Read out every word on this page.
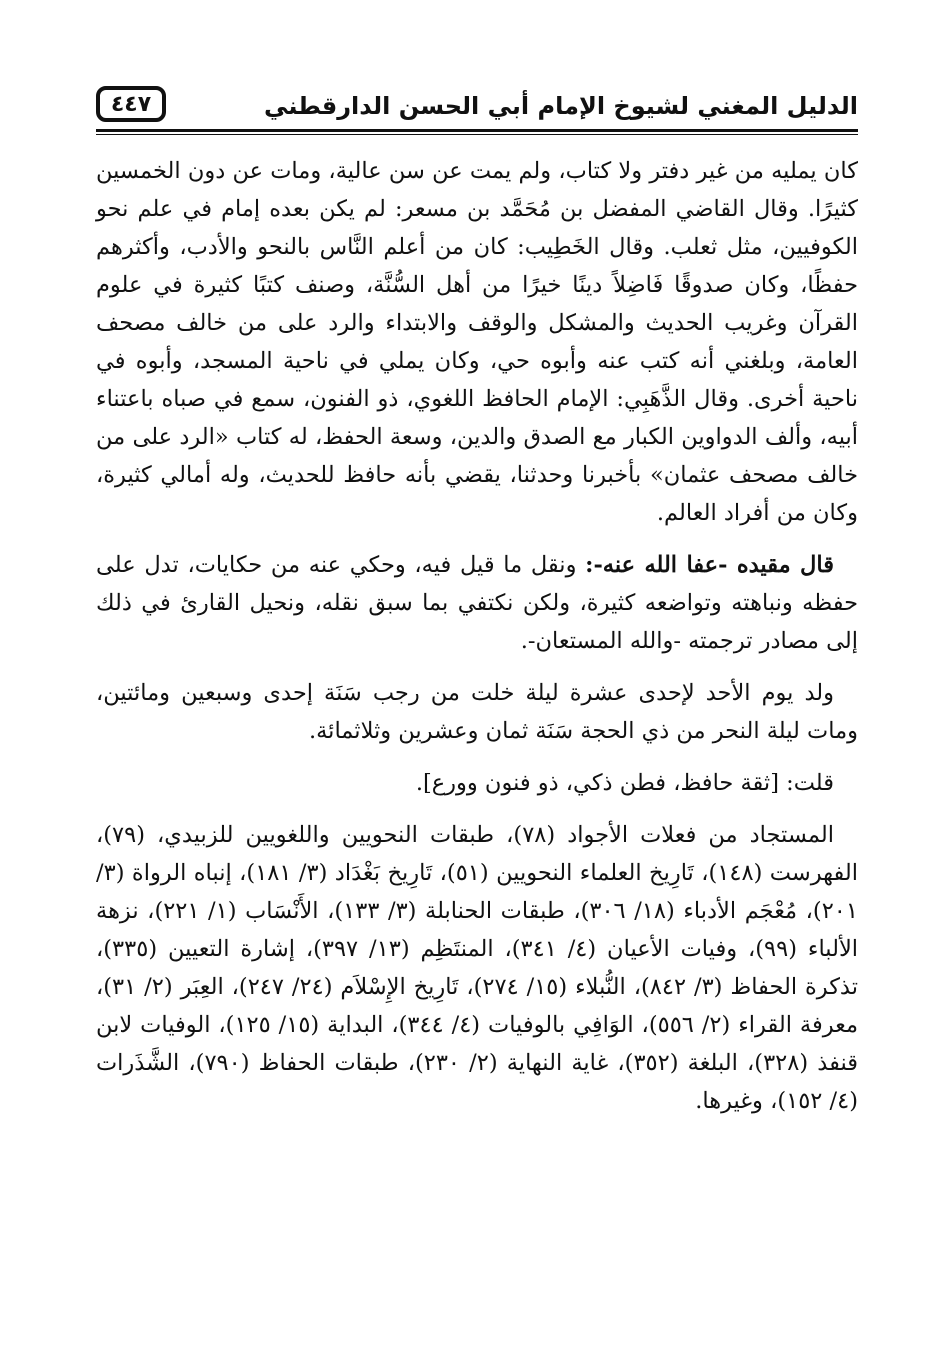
الدليل المغني لشيوخ الإمام أبي الحسن الدارقطني
٤٤٧

كان يمليه من غير دفتر ولا كتاب، ولم يمت عن سن عالية، ومات عن دون الخمسين كثيرًا. وقال القاضي المفضل بن مُحَمَّد بن مسعر: لم يكن بعده إمام في علم نحو الكوفيين، مثل ثعلب. وقال الخَطِيب: كان من أعلم النَّاس بالنحو والأدب، وأكثرهم حفظًا، وكان صدوقًا فَاضِلاً دينًا خيرًا من أهل السُّنَّة، وصنف كتبًا كثيرة في علوم القرآن وغريب الحديث والمشكل والوقف والابتداء والرد على من خالف مصحف العامة، وبلغني أنه كتب عنه وأبوه حي، وكان يملي في ناحية المسجد، وأبوه في ناحية أخرى. وقال الذَّهَبِي: الإمام الحافظ اللغوي، ذو الفنون، سمع في صباه باعتناء أبيه، وألف الدواوين الكبار مع الصدق والدين، وسعة الحفظ، له كتاب «الرد على من خالف مصحف عثمان» بأخبرنا وحدثنا، يقضي بأنه حافظ للحديث، وله أمالي كثيرة، وكان من أفراد العالم.

قال مقيده -عفا الله عنه-: ونقل ما قيل فيه، وحكي عنه من حكايات، تدل على حفظه ونباهته وتواضعه كثيرة، ولكن نكتفي بما سبق نقله، ونحيل القارئ في ذلك إلى مصادر ترجمته -والله المستعان-.

ولد يوم الأحد لإحدى عشرة ليلة خلت من رجب سَنَة إحدى وسبعين ومائتين، ومات ليلة النحر من ذي الحجة سَنَة ثمان وعشرين وثلاثمائة.

قلت: [ثقة حافظ، فطن ذكي، ذو فنون وورع].

المستجاد من فعلات الأجواد (٧٨)، طبقات النحويين واللغويين للزبيدي، (٧٩)، الفهرست (١٤٨)، تَارِيخ العلماء النحويين (٥١)، تَارِيخ بَغْدَاد (٣/ ١٨١)، إنباه الرواة (٣/ ٢٠١)، مُعْجَم الأدباء (١٨/ ٣٠٦)، طبقات الحنابلة (٣/ ١٣٣)، الأَنْسَاب (١/ ٢٢١)، نزهة الألباء (٩٩)، وفيات الأعيان (٤/ ٣٤١)، المنتَظِم (١٣/ ٣٩٧)، إشارة التعيين (٣٣٥)، تذكرة الحفاظ (٣/ ٨٤٢)، النُّبلاء (١٥/ ٢٧٤)، تَارِيخ الإِسْلاَم (٢٤/ ٢٤٧)، العِبَر (٢/ ٣١)، معرفة القراء (٢/ ٥٥٦)، الوَافِي بالوفيات (٤/ ٣٤٤)، البداية (١٥/ ١٢٥)، الوفيات لابن قنفذ (٣٢٨)، البلغة (٣٥٢)، غاية النهاية (٢/ ٢٣٠)، طبقات الحفاظ (٧٩٠)، الشَّذَرات (٤/ ١٥٢)، وغيرها.
